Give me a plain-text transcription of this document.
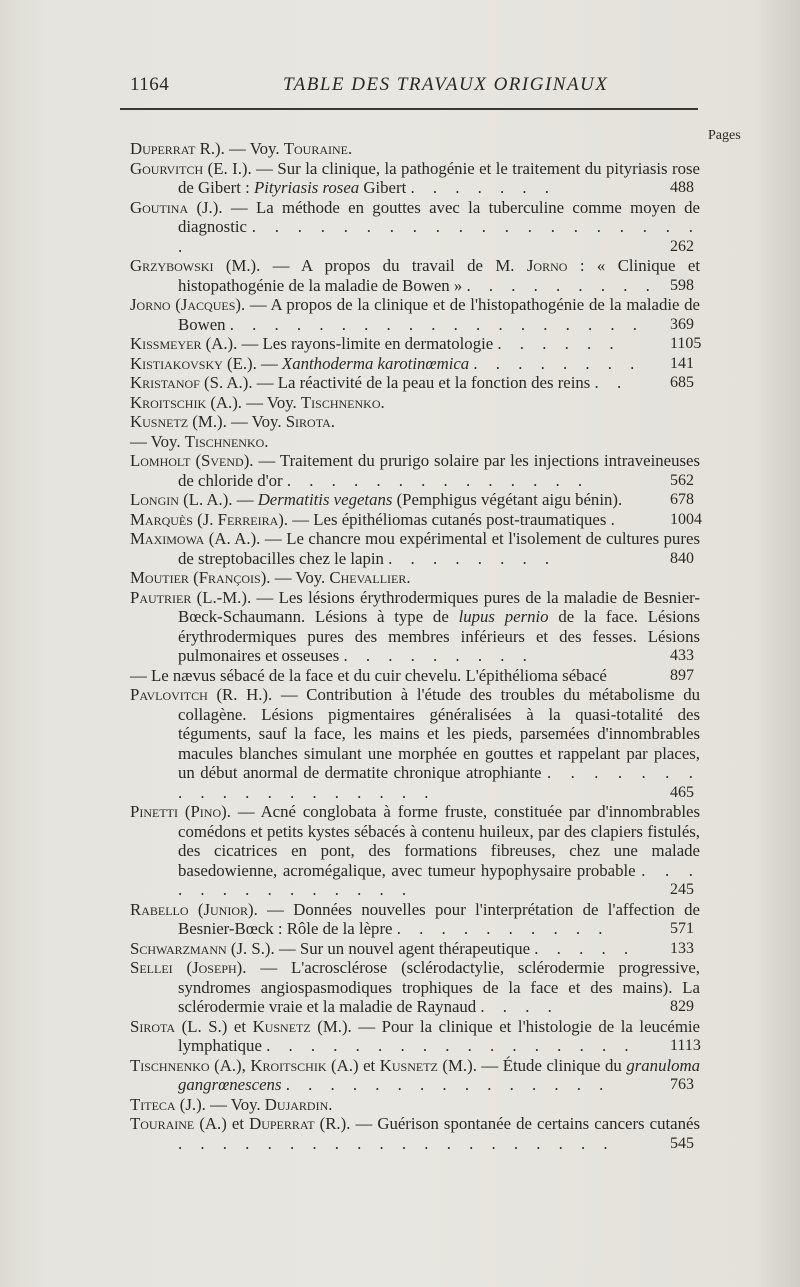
1164	TABLE DES TRAVAUX ORIGINAUX
Pages
Duperrat R.). — Voy. Touraine.
Gourvitch (E. I.). — Sur la clinique, la pathogénie et le traitement du pityriasis rose de Gibert : Pityriasis rosea Gibert . . . . . . .	488
Goutina (J.). — La méthode en gouttes avec la tuberculine comme moyen de diagnostic . . . . . . . . . . . . . . . . . . . . .	262
Grzybowski (M.). — A propos du travail de M. Jorno : « Clinique et histopathogénie de la maladie de Bowen » . . . . . . . . . 598
Jorno (Jacques). — A propos de la clinique et de l'histopathogénie de la maladie de Bowen . . . . . . . . . . . . . . . . . . . 369
Kissmeyer (A.). — Les rayons-limite en dermatologie . . . . . .	1105
Kistiakovsky (E.). — Xanthoderma karotinœmica . . . . . . . . 141
Kristanof (S. A.). — La réactivité de la peau et la fonction des reins . .	685
Kroitschik (A.). — Voy. Tischnenko.
Kusnetz (M.). — Voy. Sirota.
— Voy. Tischnenko.
Lomholt (Svend). — Traitement du prurigo solaire par les injections intraveineuses de chloride d'or . . . . . . . . . . . . . .	562
Longin (L. A.). — Dermatitis vegetans (Pemphigus végétant aigu bénin).	678
Marquès (J. Ferreira). — Les épithéliomas cutanés post-traumatiques .	1004
Maximowa (A. A.). — Le chancre mou expérimental et l'isolement de cultures pures de streptobacilles chez le lapin . . . . . . . .	840
Moutier (François). — Voy. Chevallier.
Pautrier (L.-M.). — Les lésions érythrodermiques pures de la maladie de Besnier-Bœck-Schaumann. Lésions à type de lupus pernio de la face. Lésions érythrodermiques pures des membres inférieurs et des fesses. Lésions pulmonaires et osseuses . . . . . . . . .	433
— Le nævus sébacé de la face et du cuir chevelu. L'épithélioma sébacé	897
Pavlovitch (R. H.). — Contribution à l'étude des troubles du métabolisme du collagène. Lésions pigmentaires généralisées à la quasi-totalité des téguments, sauf la face, les mains et les pieds, parsemées d'innombrables macules blanches simulant une morphée en gouttes et rappelant par places, un début anormal de dermatite chronique atrophiante . . . . . . . . . . . . . . . . . . .	465
Pinetti (Pino). — Acné conglobata à forme fruste, constituée par d'innombrables comédons et petits kystes sébacés à contenu huileux, par des clapiers fistulés, des cicatrices en pont, des formations fibreuses, chez une malade basedowienne, acromégalique, avec tumeur hypophysaire probable . . . . . . . . . . . . . .	245
Rabello (Junior). — Données nouvelles pour l'interprétation de l'affection de Besnier-Bœck : Rôle de la lèpre . . . . . . . . . .	571
Schwarzmann (J. S.). — Sur un nouvel agent thérapeutique . . . . . 133
Sellei (Joseph). — L'acrosclérose (sclérodactylie, sclérodermie progressive, syndromes angiospasmodiques trophiques de la face et des mains). La sclérodermie vraie et la maladie de Raynaud . . . .	829
Sirota (L. S.) et Kusnetz (M.). — Pour la clinique et l'histologie de la leucémie lymphatique . . . . . . . . . . . . . . . . . 1113
Tischnenko (A.), Kroitschik (A.) et Kusnetz (M.). — Étude clinique du granuloma gangrœnescens . . . . . . . . . . . . . . .	763
Titeca (J.). — Voy. Dujardin.
Touraine (A.) et Duperrat (R.). — Guérison spontanée de certains cancers cutanés . . . . . . . . . . . . . . . . . . . .	545
